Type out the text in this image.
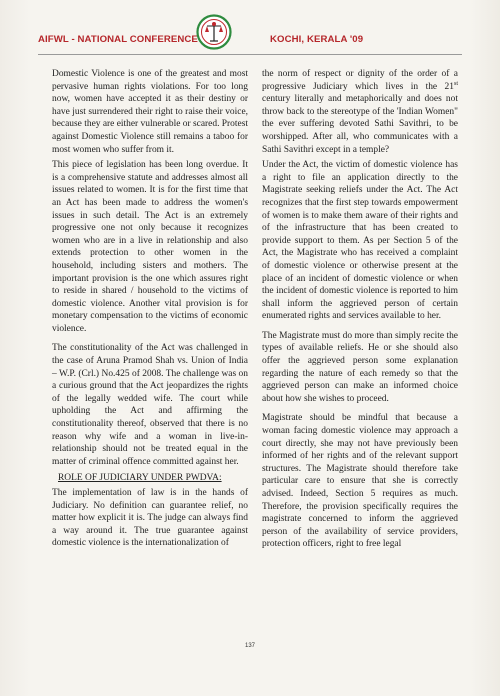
AIFWL - NATIONAL CONFERENCE	KOCHI, KERALA '09

Domestic Violence is one of the greatest and most pervasive human rights violations. For too long now, women have accepted it as their destiny or have just surrendered their right to raise their voice, because they are either vulnerable or scared. Protest against Domestic Violence still remains a taboo for most women who suffer from it.

This piece of legislation has been long overdue. It is a comprehensive statute and addresses almost all issues related to women. It is for the first time that an Act has been made to address the women's issues in such detail. The Act is an extremely progressive one not only because it recognizes women who are in a live in relationship and also extends protection to other women in the household, including sisters and mothers. The important provision is the one which assures right to reside in shared / household to the victims of domestic violence. Another vital provision is for monetary compensation to the victims of economic violence.

The constitutionality of the Act was challenged in the case of Aruna Pramod Shah vs. Union of India – W.P. (Crl.) No.425 of 2008. The challenge was on a curious ground that the Act jeopardizes the rights of the legally wedded wife. The court while upholding the Act and affirming the constitutionality thereof, observed that there is no reason why wife and a woman in live-in-relationship should not be treated equal in the matter of criminal offence committed against her.

ROLE OF JUDICIARY UNDER PWDVA:

The implementation of law is in the hands of Judiciary. No definition can guarantee relief, no matter how explicit it is. The judge can always find a way around it. The true guarantee against domestic violence is the internationalization of

the norm of respect or dignity of the order of a progressive Judiciary which lives in the 21st century literally and metaphorically and does not throw back to the stereotype of the 'Indian Women" the ever suffering devoted Sathi Savithri, to be worshipped. After all, who communicates with a Sathi Savithri except in a temple?

Under the Act, the victim of domestic violence has a right to file an application directly to the Magistrate seeking reliefs under the Act. The Act recognizes that the first step towards empowerment of women is to make them aware of their rights and of the infrastructure that has been created to provide support to them. As per Section 5 of the Act, the Magistrate who has received a complaint of domestic violence or otherwise present at the place of an incident of domestic violence or when the incident of domestic violence is reported to him shall inform the aggrieved person of certain enumerated rights and services available to her.

The Magistrate must do more than simply recite the types of available reliefs. He or she should also offer the aggrieved person some explanation regarding the nature of each remedy so that the aggrieved person can make an informed choice about how she wishes to proceed.

Magistrate should be mindful that because a woman facing domestic violence may approach a court directly, she may not have previously been informed of her rights and of the relevant support structures. The Magistrate should therefore take particular care to ensure that she is correctly advised. Indeed, Section 5 requires as much. Therefore, the provision specifically requires the magistrate concerned to inform the aggrieved person of the availability of service providers, protection officers, right to free legal

137
